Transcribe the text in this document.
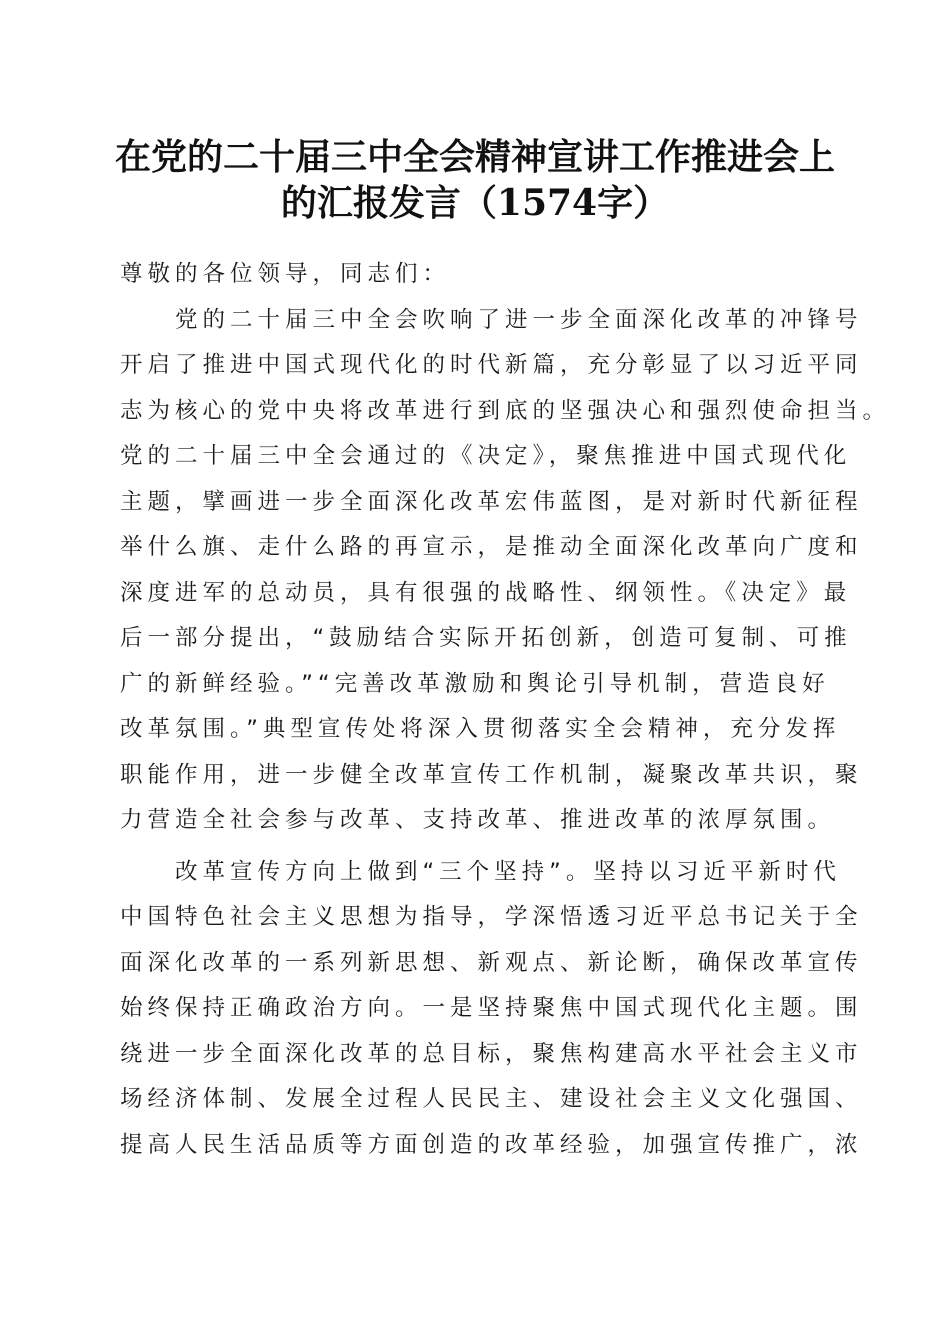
在党的二十届三中全会精神宣讲工作推进会上
的汇报发言（1574字）
尊敬的各位领导，同志们：
　　党的二十届三中全会吹响了进一步全面深化改革的冲锋号
开启了推进中国式现代化的时代新篇，充分彰显了以习近平同
志为核心的党中央将改革进行到底的坚强决心和强烈使命担当。
党的二十届三中全会通过的《决定》，聚焦推进中国式现代化
主题，擘画进一步全面深化改革宏伟蓝图，是对新时代新征程
举什么旗、走什么路的再宣示，是推动全面深化改革向广度和
深度进军的总动员，具有很强的战略性、纲领性。《决定》最
后一部分提出，“鼓励结合实际开拓创新，创造可复制、可推
广的新鲜经验。”“完善改革激励和舆论引导机制，营造良好
改革氛围。”典型宣传处将深入贯彻落实全会精神，充分发挥
职能作用，进一步健全改革宣传工作机制，凝聚改革共识，聚
力营造全社会参与改革、支持改革、推进改革的浓厚氛围。
　　改革宣传方向上做到“三个坚持”。坚持以习近平新时代
中国特色社会主义思想为指导，学深悟透习近平总书记关于全
面深化改革的一系列新思想、新观点、新论断，确保改革宣传
始终保持正确政治方向。一是坚持聚焦中国式现代化主题。围
绕进一步全面深化改革的总目标，聚焦构建高水平社会主义市
场经济体制、发展全过程人民民主、建设社会主义文化强国、
提高人民生活品质等方面创造的改革经验，加强宣传推广，浓
